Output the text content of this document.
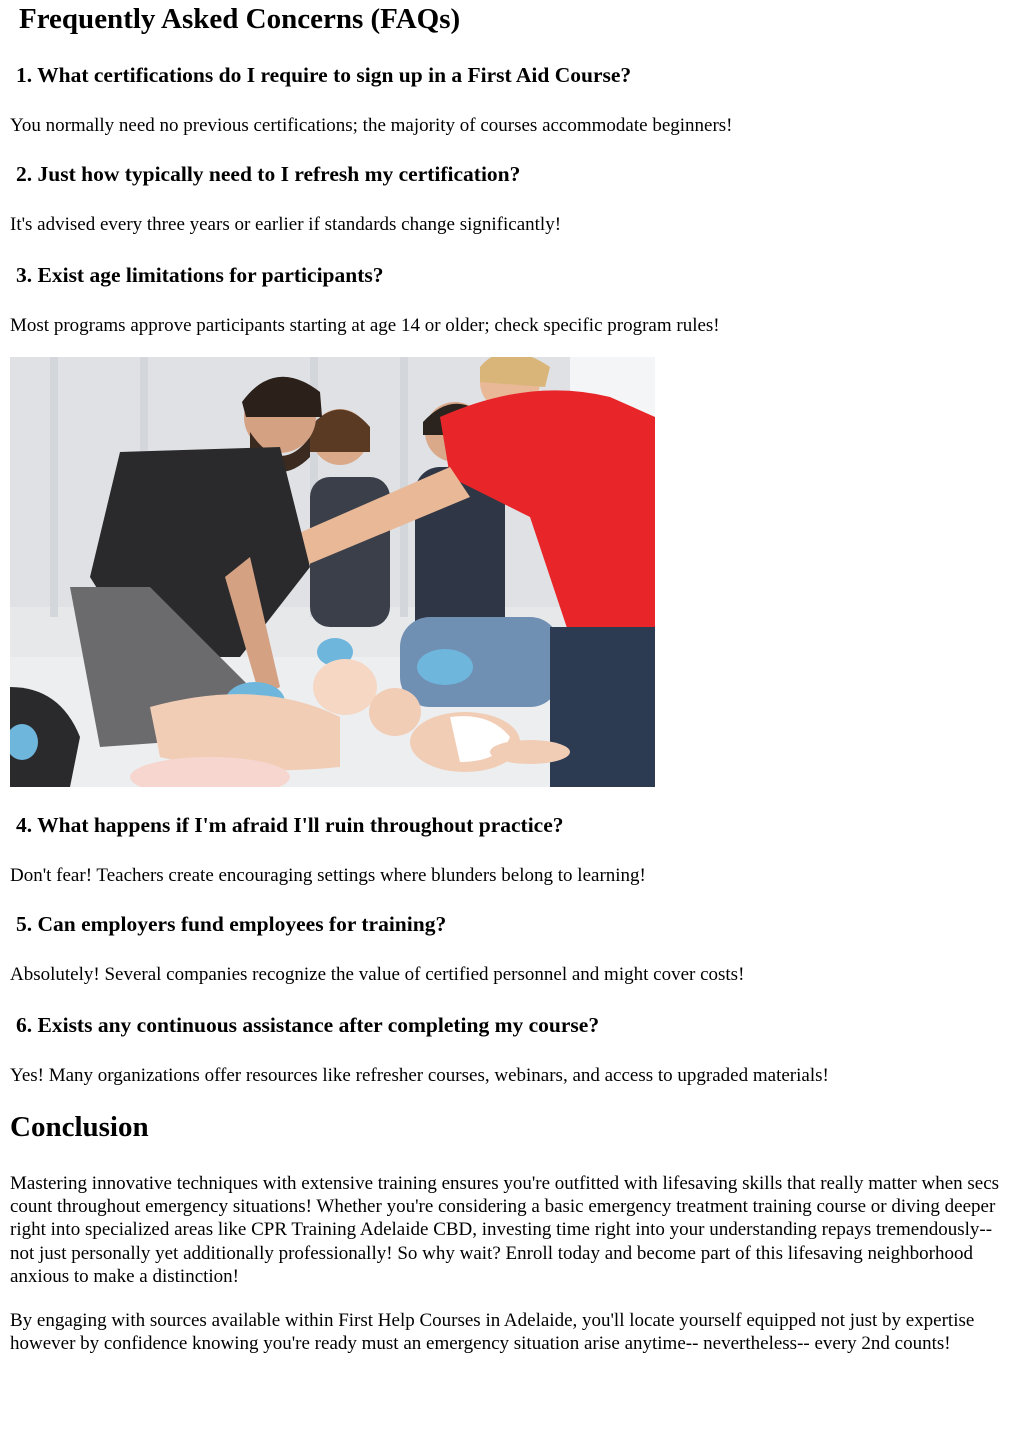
Frequently Asked Concerns (FAQs)
1. What certifications do I require to sign up in a First Aid Course?

You normally need no previous certifications; the majority of courses accommodate beginners!

2. Just how typically need to I refresh my certification?

It's advised every three years or earlier if standards change significantly!

3. Exist age limitations for participants?

Most programs approve participants starting at age 14 or older; check specific program rules!

4. What happens if I'm afraid I'll ruin throughout practice?

Don't fear! Teachers create encouraging settings where blunders belong to learning!

5. Can employers fund employees for training?

Absolutely! Several companies recognize the value of certified personnel and might cover costs!

6. Exists any continuous assistance after completing my course?

Yes! Many organizations offer resources like refresher courses, webinars, and access to upgraded materials!

Conclusion

Mastering innovative techniques with extensive training ensures you're outfitted with lifesaving skills that really matter when secs count throughout emergency situations! Whether you're considering a basic emergency treatment training course or diving deeper right into specialized areas like CPR Training Adelaide CBD, investing time right into your understanding repays tremendously-- not just personally yet additionally professionally! So why wait? Enroll today and become part of this lifesaving neighborhood anxious to make a distinction!

By engaging with sources available within First Help Courses in Adelaide, you'll locate yourself equipped not just by expertise however by confidence knowing you're ready must an emergency situation arise anytime-- nevertheless-- every 2nd counts!
